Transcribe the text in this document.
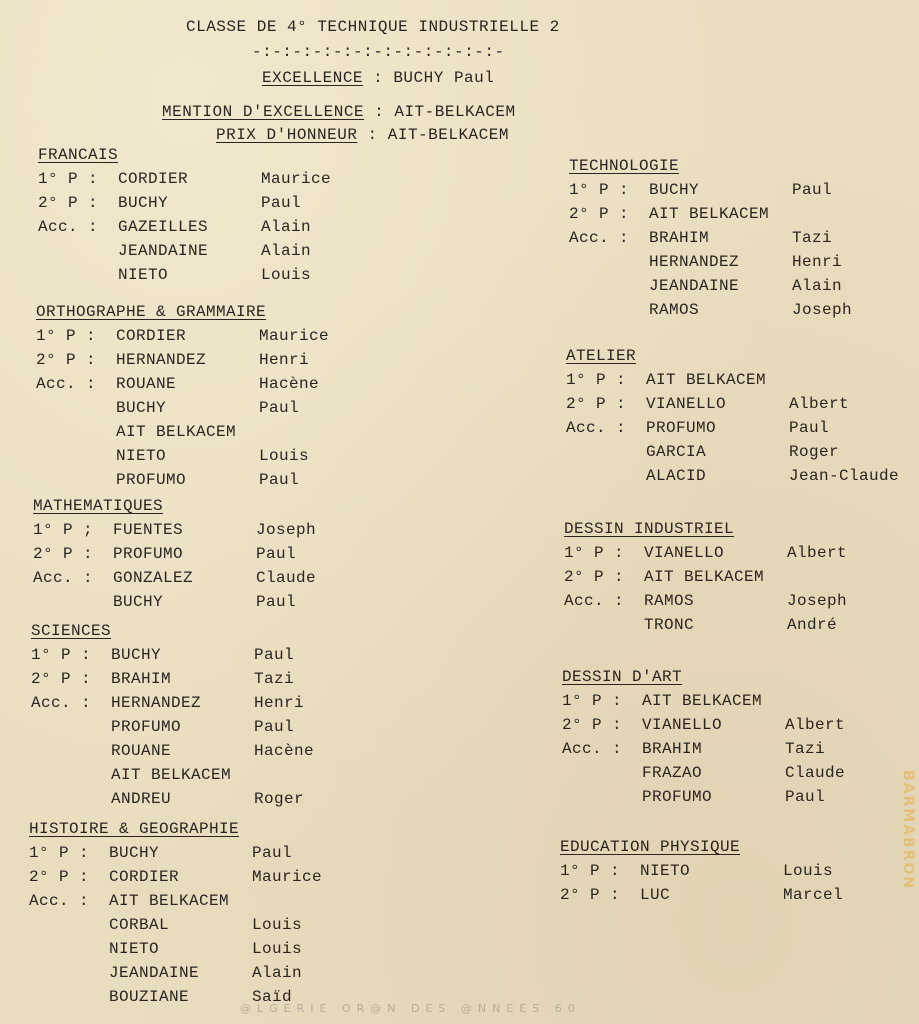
CLASSE DE 4° TECHNIQUE INDUSTRIELLE 2
-:-:-:-:-:-:-:-:-:-:-:-:-
EXCELLENCE : BUCHY Paul
MENTION D'EXCELLENCE : AIT-BELKACEM
PRIX D'HONNEUR : AIT-BELKACEM
FRANCAIS
1° P :	CORDIER	Maurice
2° P :	BUCHY	Paul
Acc. :	GAZEILLES	Alain
JEANDAINE	Alain
NIETO	Louis
ORTHOGRAPHE & GRAMMAIRE
1° P :	CORDIER	Maurice
2° P :	HERNANDEZ	Henri
Acc. :	ROUANE	Hacène
BUCHY	Paul
AIT BELKACEM
NIETO	Louis
PROFUMO	Paul
MATHEMATIQUES
1° P ;	FUENTES	Joseph
2° P :	PROFUMO	Paul
Acc. :	GONZALEZ	Claude
BUCHY	Paul
SCIENCES
1° P :	BUCHY	Paul
2° P :	BRAHIM	Tazi
Acc. :	HERNANDEZ	Henri
PROFUMO	Paul
ROUANE	Hacène
AIT BELKACEM
ANDREU	Roger
HISTOIRE & GEOGRAPHIE
1° P :	BUCHY	Paul
2° P :	CORDIER	Maurice
Acc. :	AIT BELKACEM
CORBAL	Louis
NIETO	Louis
JEANDAINE	Alain
BOUZIANE	Saïd
TECHNOLOGIE
1° P :	BUCHY	Paul
2° P :	AIT BELKACEM
Acc. :	BRAHIM	Tazi
HERNANDEZ	Henri
JEANDAINE	Alain
RAMOS	Joseph
ATELIER
1° P :	AIT BELKACEM
2° P :	VIANELLO	Albert
Acc. :	PROFUMO	Paul
GARCIA	Roger
ALACID	Jean-Claude
DESSIN INDUSTRIEL
1° P :	VIANELLO	Albert
2° P :	AIT BELKACEM
Acc. :	RAMOS	Joseph
TRONC	André
DESSIN D'ART
1° P :	AIT BELKACEM
2° P :	VIANELLO	Albert
Acc. :	BRAHIM	Tazi
FRAZAO	Claude
PROFUMO	Paul
EDUCATION PHYSIQUE
1° P :	NIETO	Louis
2° P :	LUC	Marcel
@LGERIE OR@N DES @NNEES 60
BARMABRON
